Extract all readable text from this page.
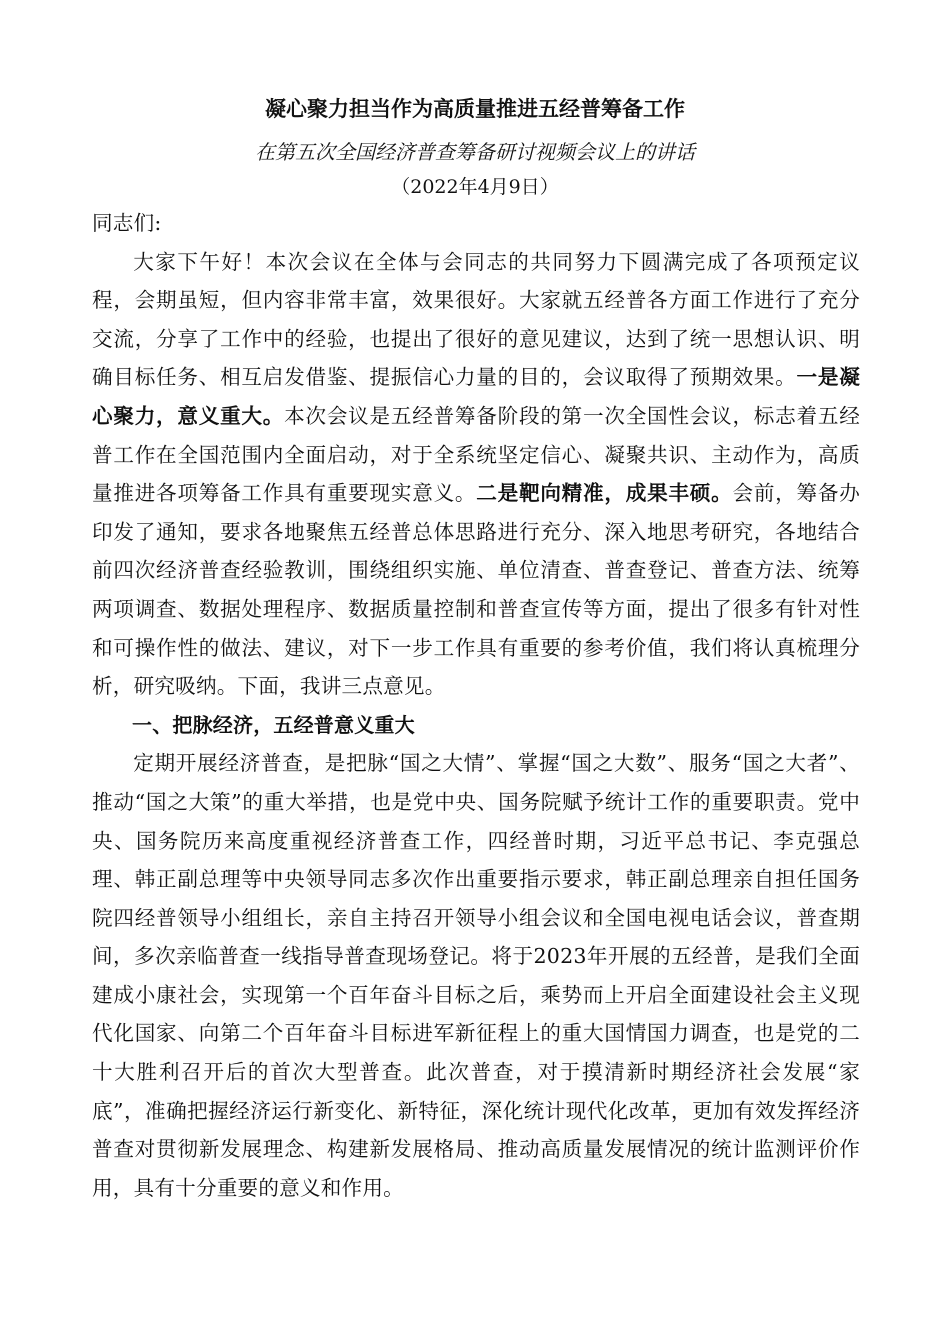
凝心聚力担当作为高质量推进五经普筹备工作
在第五次全国经济普查筹备研讨视频会议上的讲话
（2022年4月9日）

同志们:

大家下午好！本次会议在全体与会同志的共同努力下圆满完成了各项预定议程，会期虽短，但内容非常丰富，效果很好。大家就五经普各方面工作进行了充分交流，分享了工作中的经验，也提出了很好的意见建议，达到了统一思想认识、明确目标任务、相互启发借鉴、提振信心力量的目的，会议取得了预期效果。一是凝心聚力，意义重大。本次会议是五经普筹备阶段的第一次全国性会议，标志着五经普工作在全国范围内全面启动，对于全系统坚定信心、凝聚共识、主动作为，高质量推进各项筹备工作具有重要现实意义。二是靶向精准，成果丰硕。会前，筹备办印发了通知，要求各地聚焦五经普总体思路进行充分、深入地思考研究，各地结合前四次经济普查经验教训，围绕组织实施、单位清查、普查登记、普查方法、统筹两项调查、数据处理程序、数据质量控制和普查宣传等方面，提出了很多有针对性和可操作性的做法、建议，对下一步工作具有重要的参考价值，我们将认真梳理分析，研究吸纳。下面，我讲三点意见。

一、把脉经济，五经普意义重大

定期开展经济普查，是把脉“国之大情”、掌握“国之大数”、服务“国之大者”、推动“国之大策”的重大举措，也是党中央、国务院赋予统计工作的重要职责。党中央、国务院历来高度重视经济普查工作，四经普时期，习近平总书记、李克强总理、韩正副总理等中央领导同志多次作出重要指示要求，韩正副总理亲自担任国务院四经普领导小组组长，亲自主持召开领导小组会议和全国电视电话会议，普查期间，多次亲临普查一线指导普查现场登记。将于2023年开展的五经普，是我们全面建成小康社会，实现第一个百年奋斗目标之后，乘势而上开启全面建设社会主义现代化国家、向第二个百年奋斗目标进军新征程上的重大国情国力调查，也是党的二十大胜利召开后的首次大型普查。此次普查，对于摸清新时期经济社会发展“家底”，准确把握经济运行新变化、新特征，深化统计现代化改革，更加有效发挥经济普查对贯彻新发展理念、构建新发展格局、推动高质量发展情况的统计监测评价作用，具有十分重要的意义和作用。
